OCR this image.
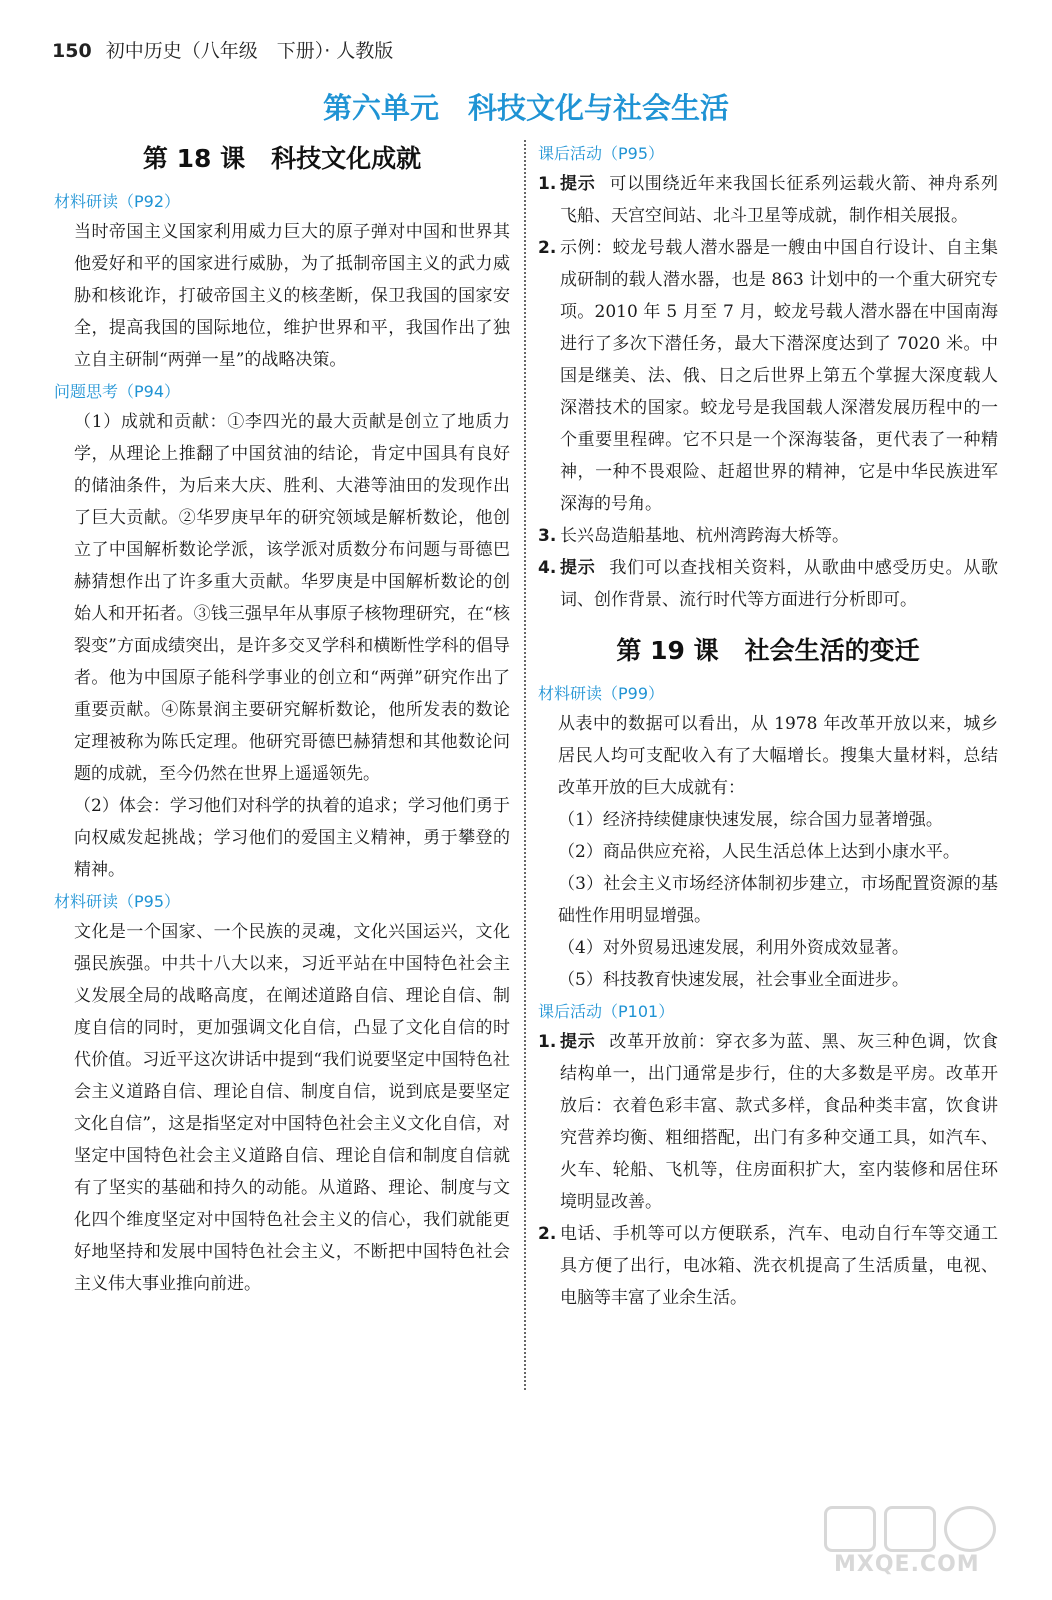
150 初中历史（八年级　下册）· 人教版
第六单元　科技文化与社会生活
第 18 课 科技文化成就
材料研读（P92）

当时帝国主义国家利用威力巨大的原子弹对中国和世界其他爱好和平的国家进行威胁，为了抵制帝国主义的武力威胁和核讹诈，打破帝国主义的核垄断，保卫我国的国家安全，提高我国的国际地位，维护世界和平，我国作出了独立自主研制“两弹一星”的战略决策。

问题思考（P94）

（1）成就和贡献：①李四光的最大贡献是创立了地质力学，从理论上推翻了中国贫油的结论，肯定中国具有良好的储油条件，为后来大庆、胜利、大港等油田的发现作出了巨大贡献。②华罗庚早年的研究领域是解析数论，他创立了中国解析数论学派，该学派对质数分布问题与哥德巴赫猜想作出了许多重大贡献。华罗庚是中国解析数论的创始人和开拓者。③钱三强早年从事原子核物理研究，在“核裂变”方面成绩突出，是许多交叉学科和横断性学科的倡导者。他为中国原子能科学事业的创立和“两弹”研究作出了重要贡献。④陈景润主要研究解析数论，他所发表的数论定理被称为陈氏定理。他研究哥德巴赫猜想和其他数论问题的成就，至今仍然在世界上遥遥领先。

（2）体会：学习他们对科学的执着的追求；学习他们勇于向权威发起挑战；学习他们的爱国主义精神，勇于攀登的精神。

材料研读（P95）

文化是一个国家、一个民族的灵魂，文化兴国运兴，文化强民族强。中共十八大以来，习近平站在中国特色社会主义发展全局的战略高度，在阐述道路自信、理论自信、制度自信的同时，更加强调文化自信，凸显了文化自信的时代价值。习近平这次讲话中提到“我们说要坚定中国特色社会主义道路自信、理论自信、制度自信，说到底是要坚定文化自信”，这是指坚定对中国特色社会主义文化自信，对坚定中国特色社会主义道路自信、理论自信和制度自信就有了坚实的基础和持久的动能。从道路、理论、制度与文化四个维度坚定对中国特色社会主义的信心，我们就能更好地坚持和发展中国特色社会主义，不断把中国特色社会主义伟大事业推向前进。

课后活动（P95）

1. 提示 可以围绕近年来我国长征系列运载火箭、神舟系列飞船、天宫空间站、北斗卫星等成就，制作相关展报。

2. 示例：蛟龙号载人潜水器是一艘由中国自行设计、自主集成研制的载人潜水器，也是 863 计划中的一个重大研究专项。2010 年 5 月至 7 月，蛟龙号载人潜水器在中国南海进行了多次下潜任务，最大下潜深度达到了 7020 米。中国是继美、法、俄、日之后世界上第五个掌握大深度载人深潜技术的国家。蛟龙号是我国载人深潜发展历程中的一个重要里程碑。它不只是一个深海装备，更代表了一种精神，一种不畏艰险、赶超世界的精神，它是中华民族进军深海的号角。

3. 长兴岛造船基地、杭州湾跨海大桥等。

4. 提示 我们可以查找相关资料，从歌曲中感受历史。从歌词、创作背景、流行时代等方面进行分析即可。

第 19 课 社会生活的变迁
材料研读（P99）

从表中的数据可以看出，从 1978 年改革开放以来，城乡居民人均可支配收入有了大幅增长。搜集大量材料，总结改革开放的巨大成就有：

（1）经济持续健康快速发展，综合国力显著增强。

（2）商品供应充裕，人民生活总体上达到小康水平。

（3）社会主义市场经济体制初步建立，市场配置资源的基础性作用明显增强。

（4）对外贸易迅速发展，利用外资成效显著。

（5）科技教育快速发展，社会事业全面进步。

课后活动（P101）

1. 提示 改革开放前：穿衣多为蓝、黑、灰三种色调，饮食结构单一，出门通常是步行，住的大多数是平房。改革开放后：衣着色彩丰富、款式多样，食品种类丰富，饮食讲究营养均衡、粗细搭配，出门有多种交通工具，如汽车、火车、轮船、飞机等，住房面积扩大，室内装修和居住环境明显改善。

2. 电话、手机等可以方便联系，汽车、电动自行车等交通工具方便了出行，电冰箱、洗衣机提高了生活质量，电视、电脑等丰富了业余生活。

MXQE.COM
